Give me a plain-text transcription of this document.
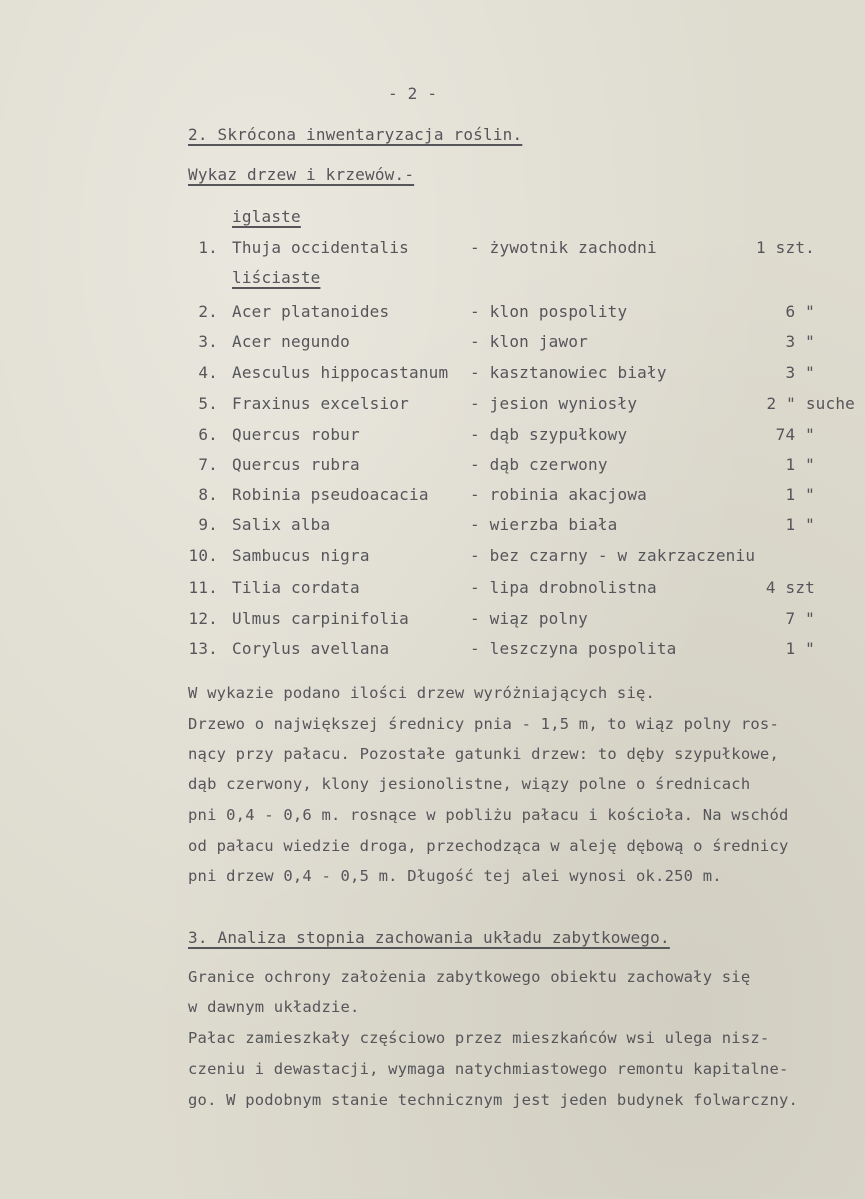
- 2 -
2. Skrócona inwentaryzacja roślin.
Wykaz drzew i krzewów.-
iglaste
1. Thuja occidentalis	- żywotnik zachodni	1 szt.
liściaste
2. Acer platanoides	- klon pospolity	6 "
3. Acer negundo	- klon jawor	3 "
4. Aesculus hippocastanum - kasztanowiec biały	3 "
5. Fraxinus excelsior	- jesion wyniosły	2 " suche
6. Quercus robur	- dąb szypułkowy	74 "
7. Quercus rubra	- dąb czerwony	1 "
8. Robinia pseudoacacia	- robinia akacjowa	1 "
9. Salix alba	- wierzba biała	1 "
10. Sambucus nigra	- bez czarny - w zakrzaczeniu
11. Tilia cordata	- lipa drobnolistna	4 szt
12. Ulmus carpinifolia	- wiąz polny	7 "
13. Corylus avellana	- leszczyna pospolita	1 "
W wykazie podano ilości drzew wyróżniających się.
Drzewo o największej średnicy pnia - 1,5 m, to wiąz polny ros-
nący przy pałacu. Pozostałe gatunki drzew: to dęby szypułkowe,
dąb czerwony, klony jesionolistne, wiązy polne o średnicach
pni 0,4 - 0,6 m. rosnące w pobliżu pałacu i kościoła. Na wschód
od pałacu wiedzie droga, przechodząca w aleję dębową o średnicy
pni drzew 0,4 - 0,5 m. Długość tej alei wynosi ok.250 m.
3. Analiza stopnia zachowania układu zabytkowego.
Granice ochrony założenia zabytkowego obiektu zachowały się
w dawnym układzie.
Pałac zamieszkały częściowo przez mieszkańców wsi ulega nisz-
czeniu i dewastacji, wymaga natychmiastowego remontu kapitalne-
go. W podobnym stanie technicznym jest jeden budynek folwarczny.
